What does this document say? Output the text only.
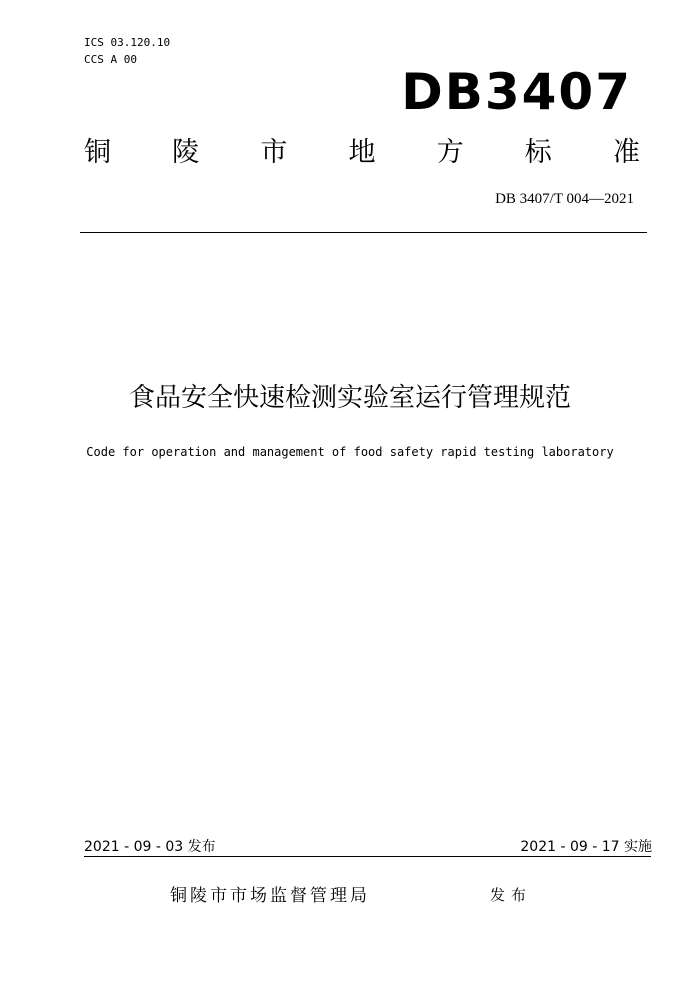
ICS 03.120.10
CCS A 00
DB3407
铜 陵 市 地 方 标 准
DB 3407/T 004—2021
食品安全快速检测实验室运行管理规范
Code for operation and management of food safety rapid testing laboratory
2021 - 09 - 03 发布	2021 - 09 - 17 实施
铜陵市市场监督管理局	发布
